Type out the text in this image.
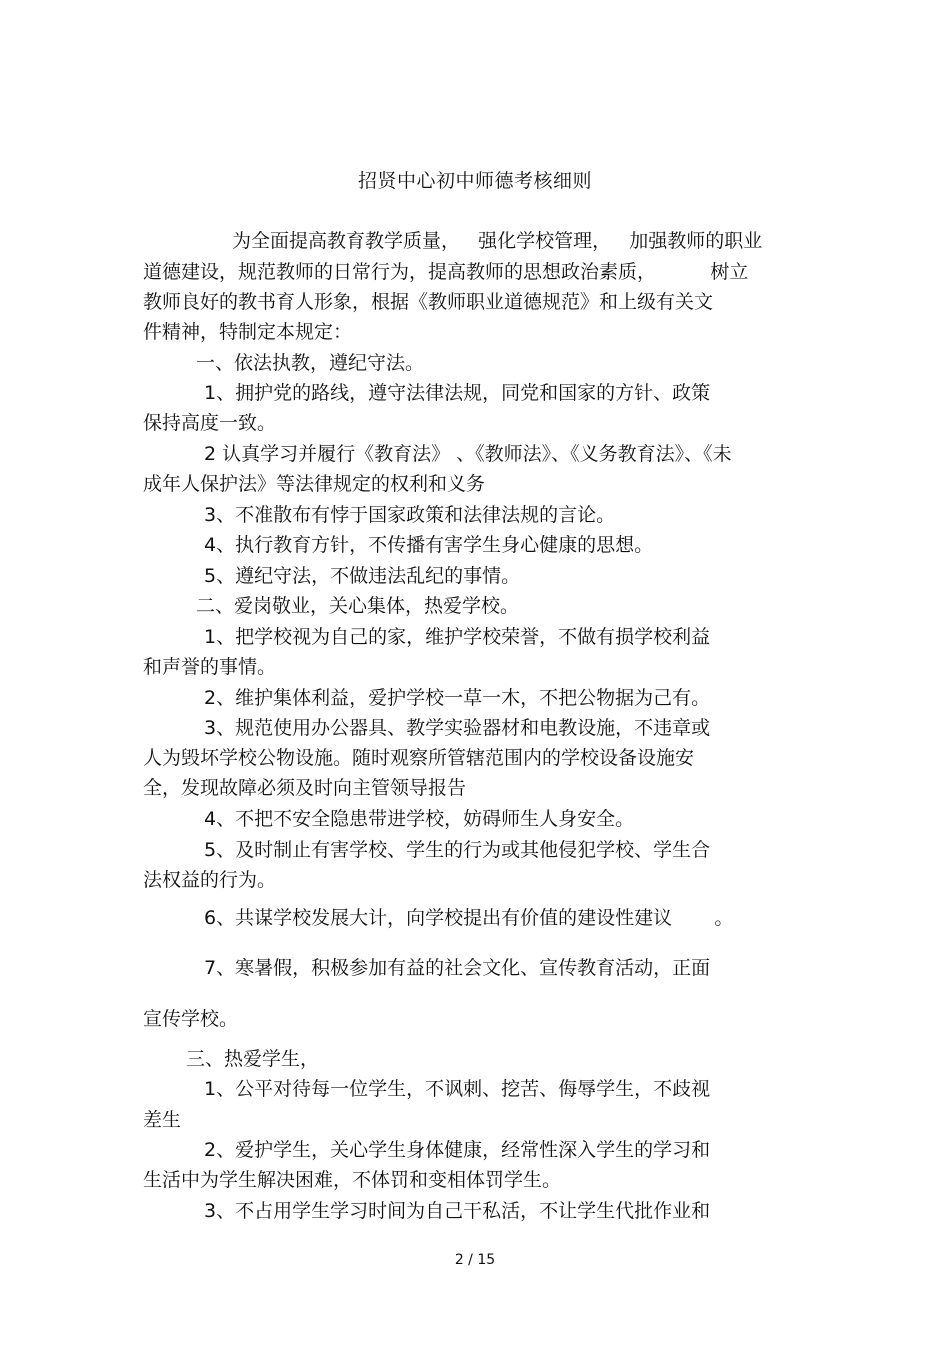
招贤中心初中师德考核细则
为全面提高教育教学质量，   强化学校管理，   加强教师的职业
道德建设，规范教师的日常行为，提高教师的思想政治素质，         树立
教师良好的教书育人形象，根据《教师职业道德规范》和上级有关文
件精神，特制定本规定：
一、依法执教，遵纪守法。
1、拥护党的路线，遵守法律法规，同党和国家的方针、政策
保持高度一致。
2 认真学习并履行《教育法》 、《教师法》、《义务教育法》、《未
成年人保护法》等法律规定的权利和义务
3、不准散布有悖于国家政策和法律法规的言论。
4、执行教育方针，不传播有害学生身心健康的思想。
5、遵纪守法，不做违法乱纪的事情。
二、爱岗敬业，关心集体，热爱学校。
1、把学校视为自己的家，维护学校荣誉，不做有损学校利益
和声誉的事情。
2、维护集体利益，爱护学校一草一木，不把公物据为己有。
3、规范使用办公器具、教学实验器材和电教设施，不违章或
人为毁坏学校公物设施。随时观察所管辖范围内的学校设备设施安
全，发现故障必须及时向主管领导报告
4、不把不安全隐患带进学校，妨碍师生人身安全。
5、及时制止有害学校、学生的行为或其他侵犯学校、学生合
法权益的行为。
6、共谋学校发展大计，向学校提出有价值的建设性建议       。
7、寒暑假，积极参加有益的社会文化、宣传教育活动，正面
宣传学校。
三、热爱学生，
1、公平对待每一位学生，不讽刺、挖苦、侮辱学生，不歧视
差生
2、爱护学生，关心学生身体健康，经常性深入学生的学习和
生活中为学生解决困难，不体罚和变相体罚学生。
3、不占用学生学习时间为自己干私活，不让学生代批作业和
2 / 15
